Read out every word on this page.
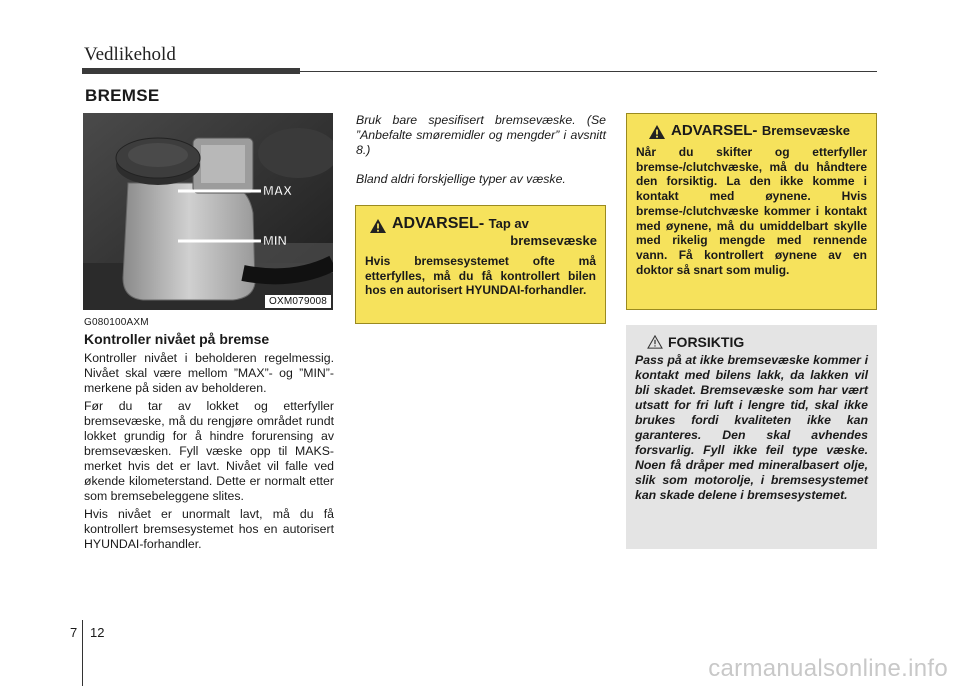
Vedlikehold
BREMSE
MAX
MIN
OXM079008
G080100AXM
Kontroller nivået på bremse

Kontroller nivået i beholderen regelmessig. Nivået skal være mellom ”MAX”- og ”MIN”-merkene på siden av beholderen.

Før du tar av lokket og etterfyller bremsevæske, må du rengjøre området rundt lokket grundig for å hindre forurensing av bremsevæsken. Fyll væske opp til MAKS-merket hvis det er lavt. Nivået vil falle ved økende kilometerstand. Dette er normalt etter som bremsebeleggene slites.

Hvis nivået er unormalt lavt, må du få kontrollert bremsesystemet hos en autorisert HYUNDAI-forhandler.

Bruk bare spesifisert bremsevæske. (Se ”Anbefalte smøremidler og mengder” i avsnitt 8.)
Bland aldri forskjellige typer av væske.
ADVARSEL- Tap av
bremsevæske
Hvis bremsesystemet ofte må etterfylles, må du få kontrollert bilen hos en autorisert HYUNDAI-forhandler.
ADVARSEL- Bremsevæske
Når du skifter og etterfyller bremse-/clutchvæske, må du håndtere den forsiktig. La den ikke komme i kontakt med øynene. Hvis bremse-/clutchvæske kommer i kontakt med øynene, må du umiddelbart skylle med rikelig mengde med rennende vann. Få kontrollert øynene av en doktor så snart som mulig.
FORSIKTIG
Pass på at ikke bremsevæske kommer i kontakt med bilens lakk, da lakken vil bli skadet. Bremsevæske som har vært utsatt for fri luft i lengre tid, skal ikke brukes fordi kvaliteten ikke kan garanteres. Den skal avhendes forsvarlig. Fyll ikke feil type væske. Noen få dråper med mineralbasert olje, slik som motorolje, i bremsesystemet kan skade delene i bremsesystemet.
7 12
carmanualsonline.info
